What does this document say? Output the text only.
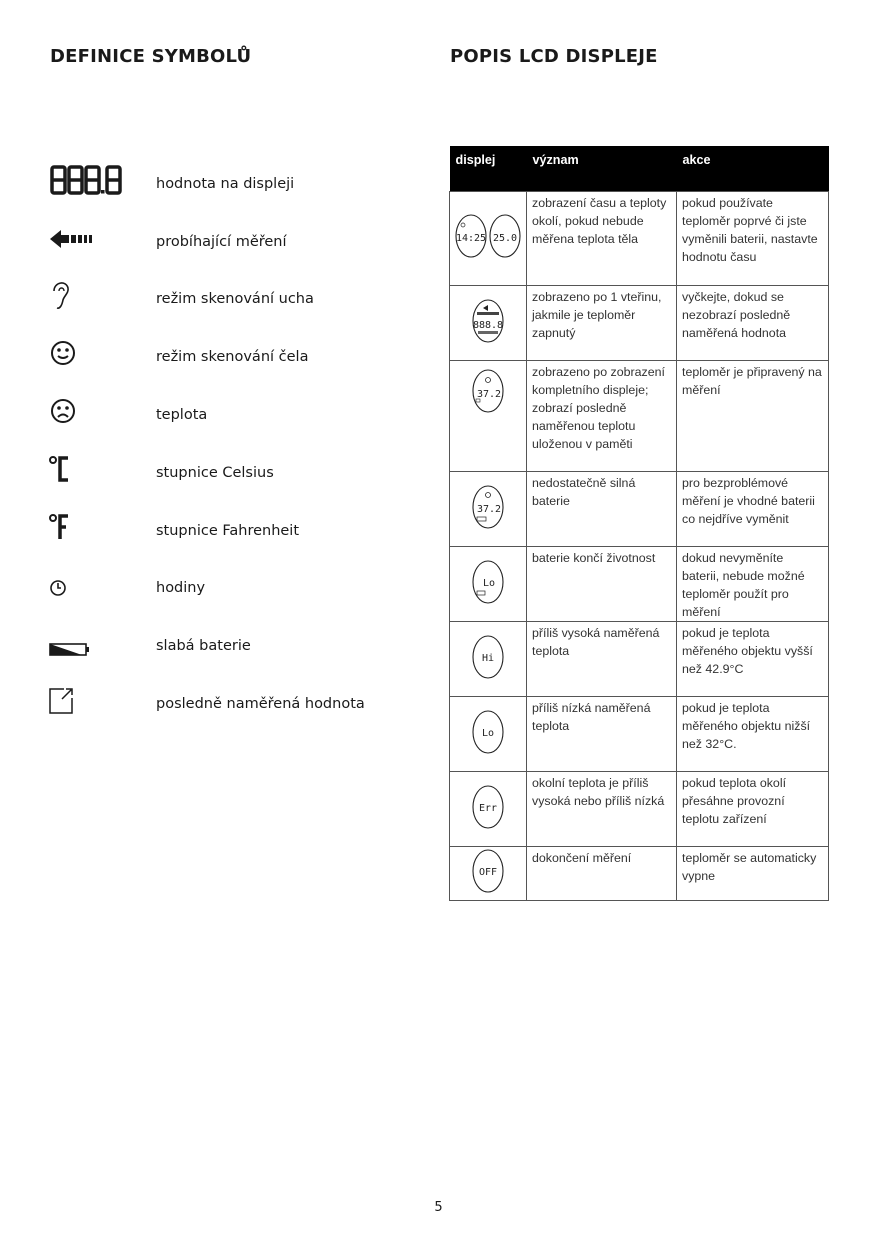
DEFINICE SYMBOLŮ	POPIS LCD DISPLEJE
hodnota na displeji
probíhající měření
režim skenování ucha
režim skenování čela
teplota
stupnice Celsius
stupnice Fahrenheit
hodiny
slabá baterie
posledně naměřená hodnota
displej	význam	akce

14:25 25.0	zobrazení času a teploty okolí, pokud nebude měřena teplota těla	pokud používate teploměr poprvé či jste vyměnili baterii, nastavte hodnotu času

888.8	zobrazeno po 1 vteřinu, jakmile je teploměr zapnutý	vyčkejte, dokud se nezobrazí posledně naměřená hodnota

37.2	zobrazeno po zobrazení kompletního displeje; zobrazí posledně naměřenou teplotu uloženou v paměti	teploměr je připravený na měření

37.2	nedostatečně silná baterie	pro bezproblémové měření je vhodné baterii co nejdříve vyměnit

Lo	baterie končí životnost	dokud nevyměníte baterii, nebude možné teploměr použít pro měření

Hi	příliš vysoká naměřená teplota	pokud je teplota měřeného objektu vyšší než 42.9°C

Lo	příliš nízká naměřená teplota	pokud je teplota měřeného objektu nižší než 32°C.

Err	okolní teplota je příliš vysoká nebo příliš nízká	pokud teplota okolí přesáhne provozní teplotu zařízení

OFF	dokončení měření	teploměr se automaticky vypne
5
